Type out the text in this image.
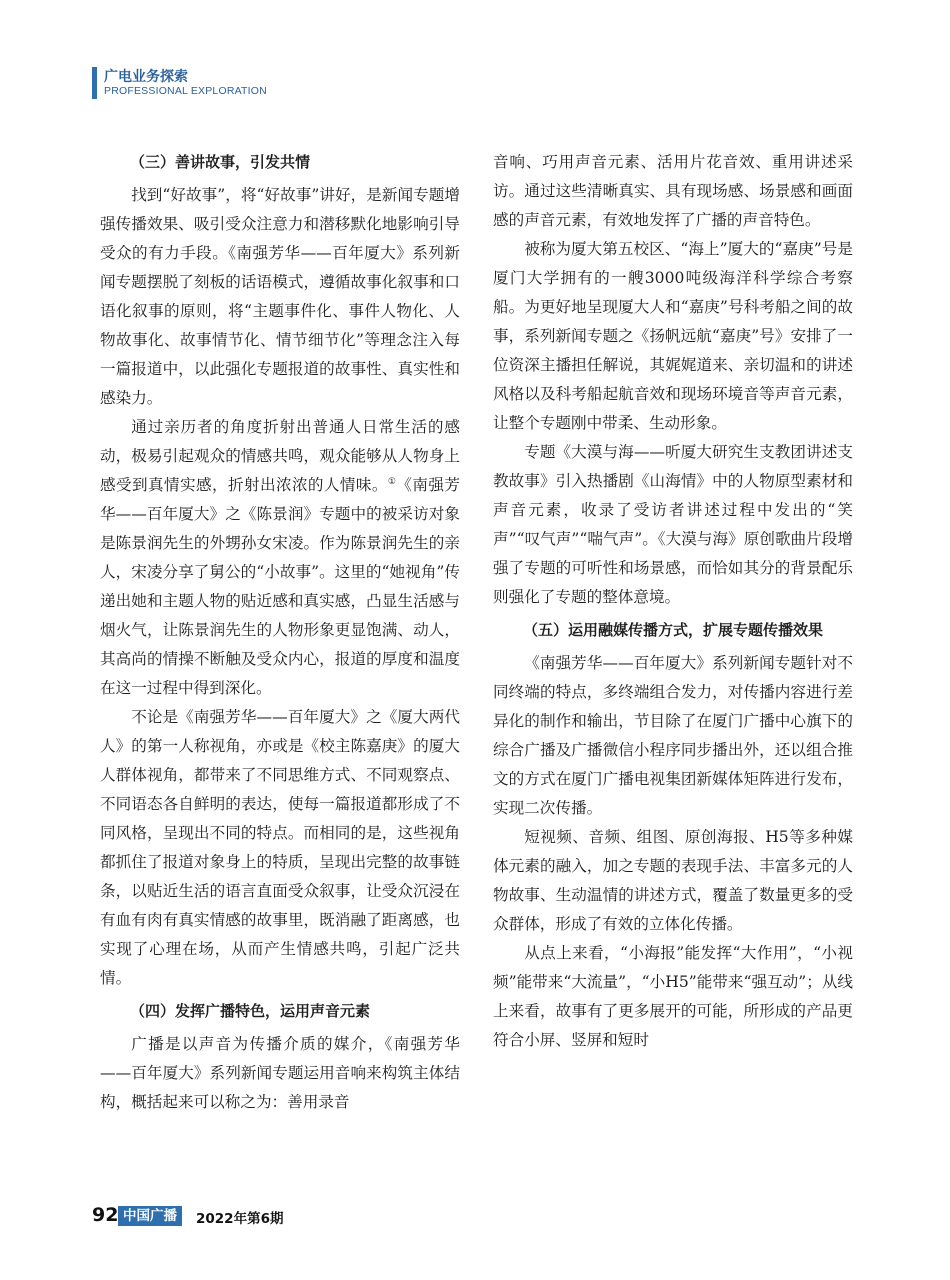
广电业务探索
PROFESSIONAL EXPLORATION

（三）善讲故事，引发共情

找到“好故事”，将“好故事”讲好，是新闻专题增强传播效果、吸引受众注意力和潜移默化地影响引导受众的有力手段。《南强芳华——百年厦大》系列新闻专题摆脱了刻板的话语模式，遵循故事化叙事和口语化叙事的原则，将“主题事件化、事件人物化、人物故事化、故事情节化、情节细节化”等理念注入每一篇报道中，以此强化专题报道的故事性、真实性和感染力。

通过亲历者的角度折射出普通人日常生活的感动，极易引起观众的情感共鸣，观众能够从人物身上感受到真情实感，折射出浓浓的人情味。①《南强芳华——百年厦大》之《陈景润》专题中的被采访对象是陈景润先生的外甥孙女宋凌。作为陈景润先生的亲人，宋凌分享了舅公的“小故事”。这里的“她视角”传递出她和主题人物的贴近感和真实感，凸显生活感与烟火气，让陈景润先生的人物形象更显饱满、动人，其高尚的情操不断触及受众内心，报道的厚度和温度在这一过程中得到深化。

不论是《南强芳华——百年厦大》之《厦大两代人》的第一人称视角，亦或是《校主陈嘉庚》的厦大人群体视角，都带来了不同思维方式、不同观察点、不同语态各自鲜明的表达，使每一篇报道都形成了不同风格，呈现出不同的特点。而相同的是，这些视角都抓住了报道对象身上的特质，呈现出完整的故事链条，以贴近生活的语言直面受众叙事，让受众沉浸在有血有肉有真实情感的故事里，既消融了距离感，也实现了心理在场，从而产生情感共鸣，引起广泛共情。

（四）发挥广播特色，运用声音元素

广播是以声音为传播介质的媒介，《南强芳华——百年厦大》系列新闻专题运用音响来构筑主体结构，概括起来可以称之为：善用录音

音响、巧用声音元素、活用片花音效、重用讲述采访。通过这些清晰真实、具有现场感、场景感和画面感的声音元素，有效地发挥了广播的声音特色。

被称为厦大第五校区、“海上”厦大的“嘉庚”号是厦门大学拥有的一艘3000吨级海洋科学综合考察船。为更好地呈现厦大人和“嘉庚”号科考船之间的故事，系列新闻专题之《扬帆远航“嘉庚”号》安排了一位资深主播担任解说，其娓娓道来、亲切温和的讲述风格以及科考船起航音效和现场环境音等声音元素，让整个专题刚中带柔、生动形象。

专题《大漠与海——听厦大研究生支教团讲述支教故事》引入热播剧《山海情》中的人物原型素材和声音元素，收录了受访者讲述过程中发出的“笑声”“叹气声”“喘气声”。《大漠与海》原创歌曲片段增强了专题的可听性和场景感，而恰如其分的背景配乐则强化了专题的整体意境。

（五）运用融媒传播方式，扩展专题传播效果

《南强芳华——百年厦大》系列新闻专题针对不同终端的特点，多终端组合发力，对传播内容进行差异化的制作和输出，节目除了在厦门广播中心旗下的综合广播及广播微信小程序同步播出外，还以组合推文的方式在厦门广播电视集团新媒体矩阵进行发布，实现二次传播。

短视频、音频、组图、原创海报、H5等多种媒体元素的融入，加之专题的表现手法、丰富多元的人物故事、生动温情的讲述方式，覆盖了数量更多的受众群体，形成了有效的立体化传播。

从点上来看，“小海报”能发挥“大作用”，“小视频”能带来“大流量”，“小H5”能带来“强互动”；从线上来看，故事有了更多展开的可能，所形成的产品更符合小屏、竖屏和短时

92 中国广播	2022年第6期
